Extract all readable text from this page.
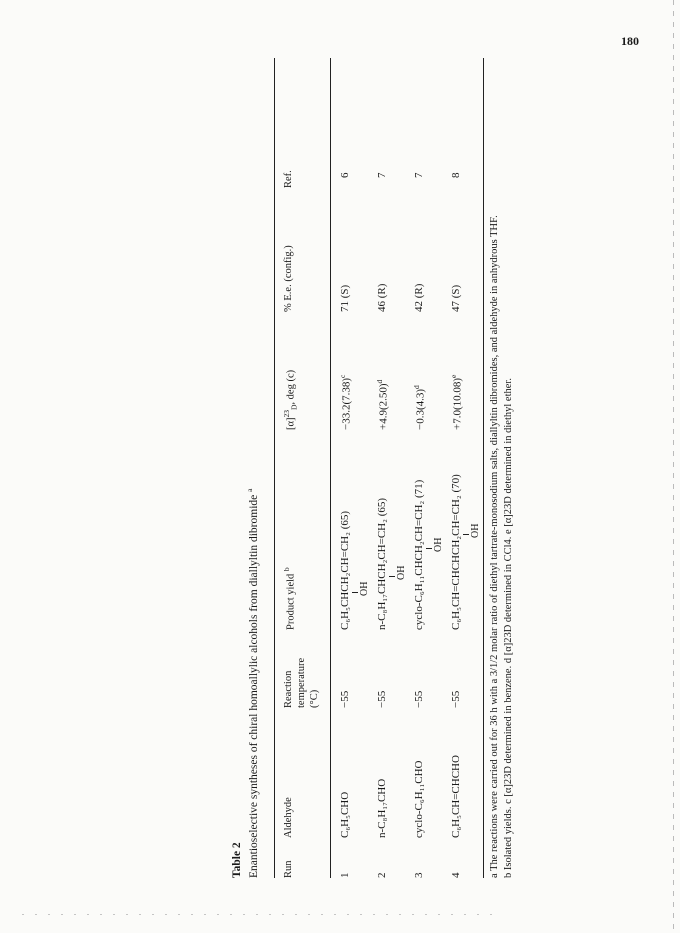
180
Table 2 Enantioselective syntheses of chiral homoallylic alcohols from diallyltin dibromide $^a$
Run
Aldehyde
Reaction temperature (°C)
Product yield $^b$
$[\alpha]^{23}_D$, deg (c)
% E.e. (config.)
Ref.
1
C₆H₅CHO
−55
C₆H₅CHCH₂CH=CH₂ (65) OH
$-33.2(7.38)^c$
71 (S)
6
2
n-C₈H₁₇CHO
−55
n-C₈H₁₇CHCH₂CH=CH₂ (65) OH
$+4.9(2.50)^d$
46 (R)
7
3
cyclo-C₆H₁₁CHO
−55
cyclo-C₆H₁₁CHCH₂CH=CH₂ (71) OH
$-0.3(4.3)^d$
42 (R)
7
4
C₆H₅CH=CHCHO
−55
C₆H₅CH=CHCHCH₂CH=CH₂ (70) OH
$+7.0(10.08)^e$
47 (S)
8
a The reactions were carried out for 36 h with a 3/1/2 molar ratio of diethyl tartrate-monosodium salts, diallyltin dibromides, and aldehyde in anhydrous THF. b Isolated yields. c [α]23D determined in benzene. d [α]23D determined in CCl4. e [α]23D determined in diethyl ether.
